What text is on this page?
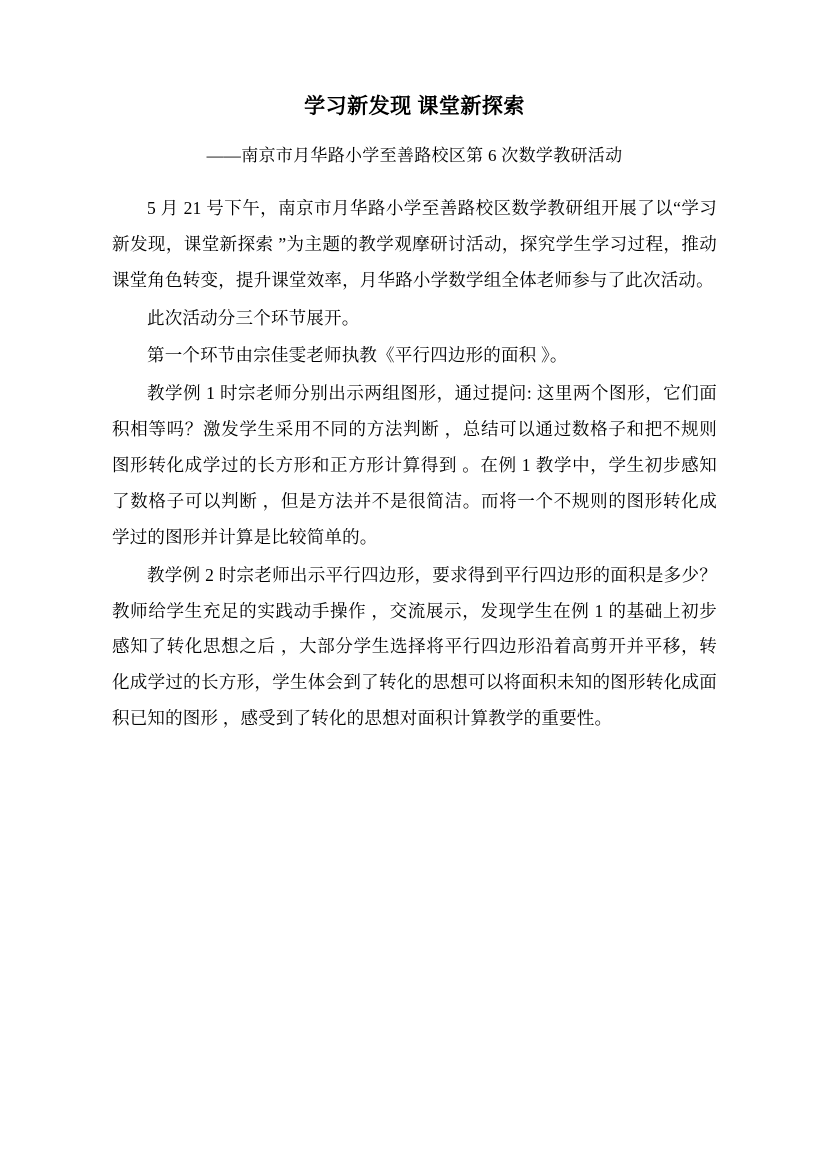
学习新发现 课堂新探索
——南京市月华路小学至善路校区第 6 次数学教研活动

5 月 21 号下午，南京市月华路小学至善路校区数学教研组开展了以“学习新发现，课堂新探索 ”为主题的教学观摩研讨活动，探究学生学习过程，推动课堂角色转变，提升课堂效率，月华路小学数学组全体老师参与了此次活动。

此次活动分三个环节展开。

第一个环节由宗佳雯老师执教《平行四边形的面积 》。

教学例 1 时宗老师分别出示两组图形，通过提问: 这里两个图形，它们面积相等吗？激发学生采用不同的方法判断 ，总结可以通过数格子和把不规则图形转化成学过的长方形和正方形计算得到 。在例 1 教学中，学生初步感知了数格子可以判断 ，但是方法并不是很简洁。而将一个不规则的图形转化成学过的图形并计算是比较简单的。

教学例 2 时宗老师出示平行四边形，要求得到平行四边形的面积是多少？教师给学生充足的实践动手操作 ，交流展示，发现学生在例 1 的基础上初步感知了转化思想之后 ，大部分学生选择将平行四边形沿着高剪开并平移，转化成学过的长方形，学生体会到了转化的思想可以将面积未知的图形转化成面积已知的图形 ，感受到了转化的思想对面积计算教学的重要性。
